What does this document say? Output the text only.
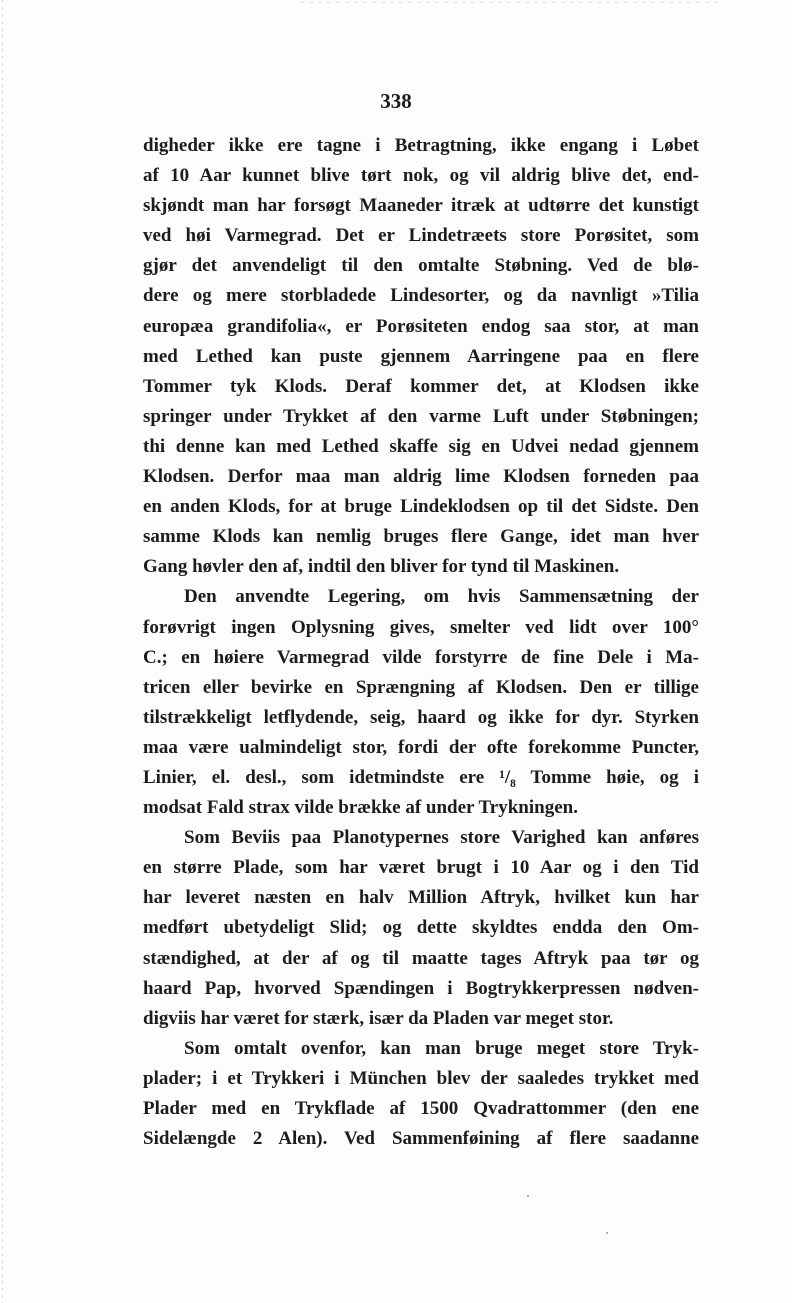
338
digheder ikke ere tagne i Betragtning, ikke engang i Løbet
af 10 Aar kunnet blive tørt nok, og vil aldrig blive det, end-
skjøndt man har forsøgt Maaneder itræk at udtørre det kunstigt
ved høi Varmegrad. Det er Lindetræets store Porøsitet, som
gjør det anvendeligt til den omtalte Støbning. Ved de blø-
dere og mere storbladede Lindesorter, og da navnligt »Tilia
europæa grandifolia«, er Porøsiteten endog saa stor, at man
med Lethed kan puste gjennem Aarringene paa en flere
Tommer tyk Klods. Deraf kommer det, at Klodsen ikke
springer under Trykket af den varme Luft under Støbningen;
thi denne kan med Lethed skaffe sig en Udvei nedad gjennem
Klodsen. Derfor maa man aldrig lime Klodsen forneden paa
en anden Klods, for at bruge Lindeklodsen op til det Sidste. Den
samme Klods kan nemlig bruges flere Gange, idet man hver
Gang høvler den af, indtil den bliver for tynd til Maskinen.
Den anvendte Legering, om hvis Sammensætning der
forøvrigt ingen Oplysning gives, smelter ved lidt over 100°
C.; en høiere Varmegrad vilde forstyrre de fine Dele i Ma-
tricen eller bevirke en Sprængning af Klodsen. Den er tillige
tilstrækkeligt letflydende, seig, haard og ikke for dyr. Styrken
maa være ualmindeligt stor, fordi der ofte forekomme Puncter,
Linier, el. desl., som idetmindste ere ¹/₈ Tomme høie, og i
modsat Fald strax vilde brække af under Trykningen.
Som Beviis paa Planotypernes store Varighed kan anføres
en større Plade, som har været brugt i 10 Aar og i den Tid
har leveret næsten en halv Million Aftryk, hvilket kun har
medført ubetydeligt Slid; og dette skyldtes endda den Om-
stændighed, at der af og til maatte tages Aftryk paa tør og
haard Pap, hvorved Spændingen i Bogtrykkerpressen nødven-
digviis har været for stærk, især da Pladen var meget stor.
Som omtalt ovenfor, kan man bruge meget store Tryk-
plader; i et Trykkeri i München blev der saaledes trykket med
Plader med en Trykflade af 1500 Qvadrattommer (den ene
Sidelængde 2 Alen). Ved Sammenføining af flere saadanne
